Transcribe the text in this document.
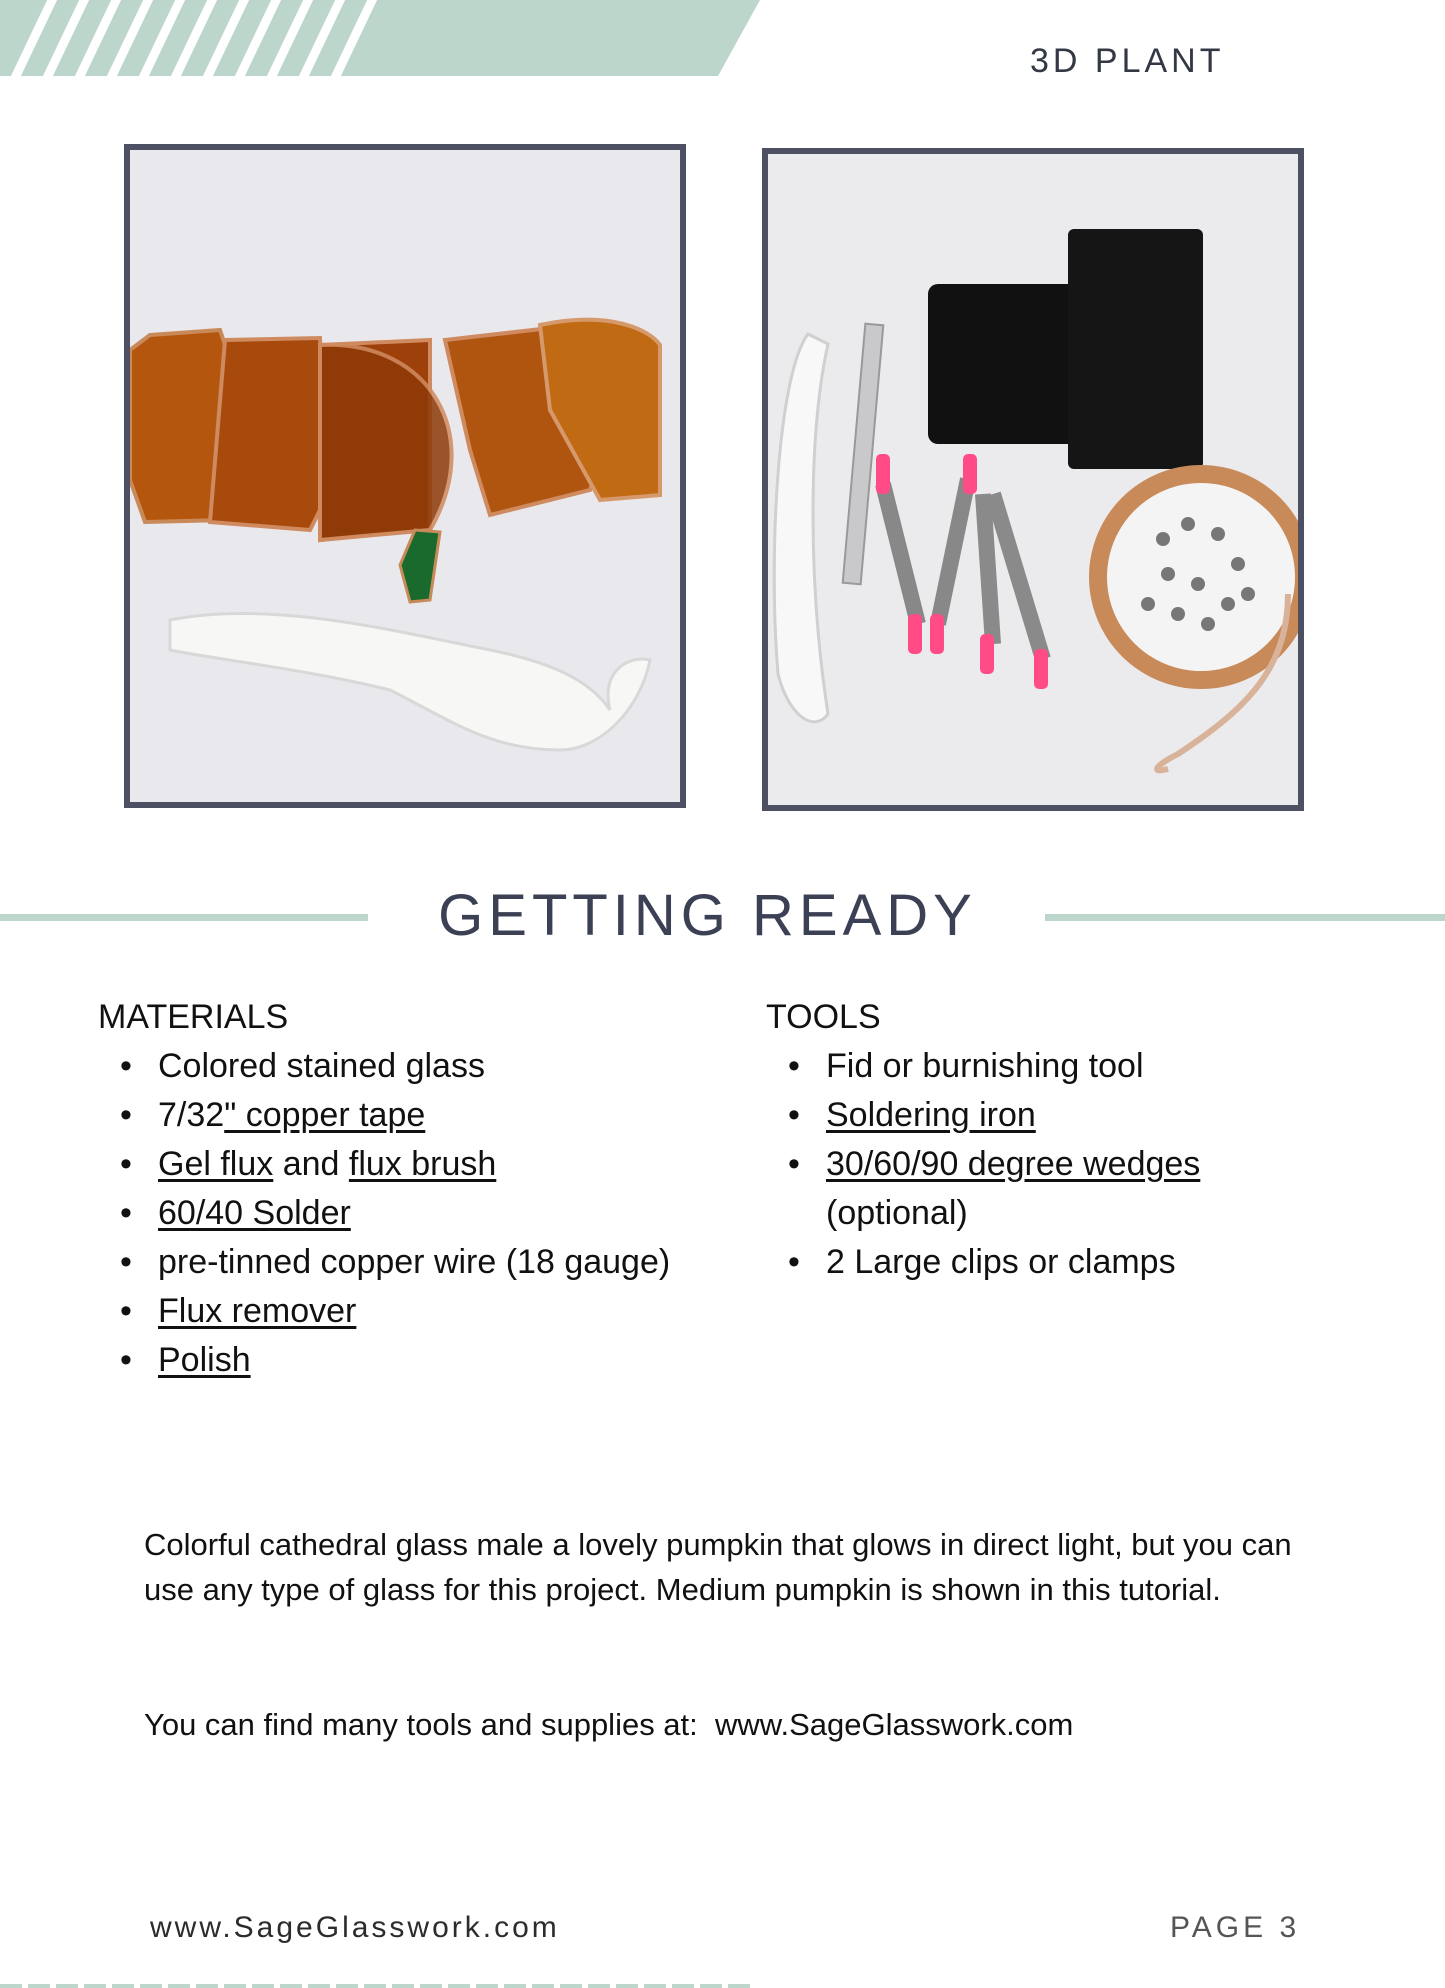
3D PLANT
GETTING READY
MATERIALS
• Colored stained glass
• 7/32" copper tape
• Gel flux and flux brush
• 60/40 Solder
• pre-tinned copper wire (18 gauge)
• Flux remover
• Polish
TOOLS
• Fid or burnishing tool
• Soldering iron
• 30/60/90 degree wedges
(optional)
• 2 Large clips or clamps
Colorful cathedral glass male a lovely pumpkin that glows in direct light, but you can use any type of glass for this project. Medium pumpkin is shown in this tutorial.
You can find many tools and supplies at:  www.SageGlasswork.com
www.SageGlasswork.com	PAGE 3
